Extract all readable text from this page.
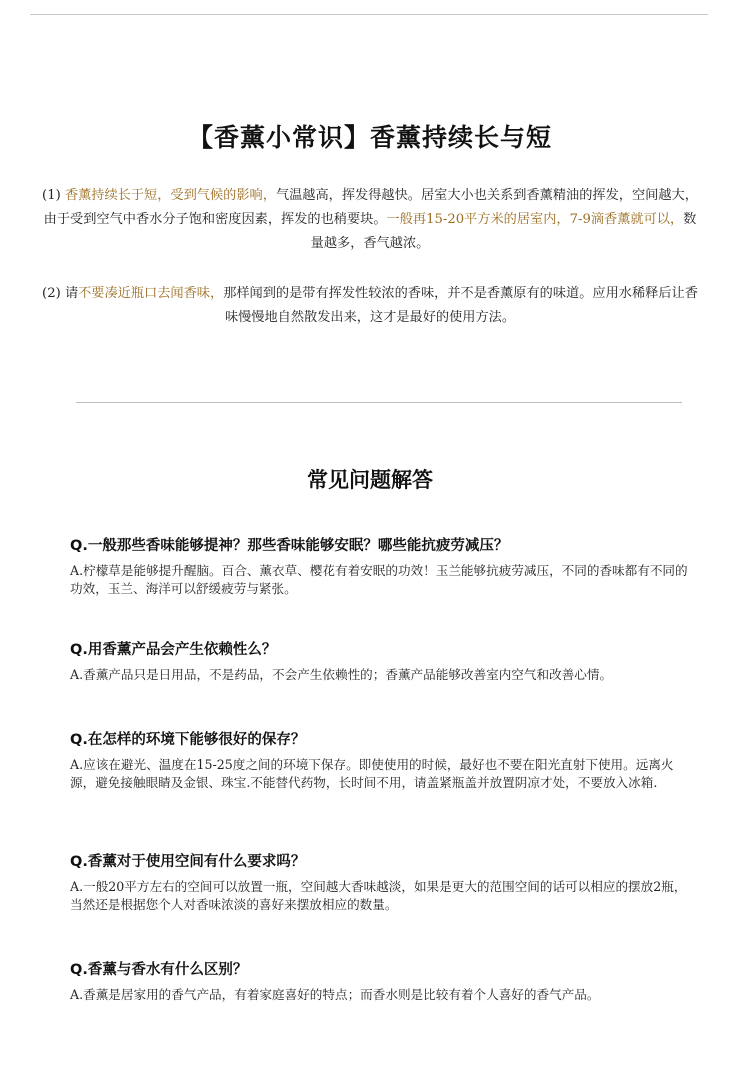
【香薰小常识】香薰持续长与短

(1) 香薰持续长于短，受到气候的影响，气温越高，挥发得越快。居室大小也关系到香薰精油的挥发，空间越大，由于受到空气中香水分子饱和密度因素，挥发的也稍要块。一般再15-20平方米的居室内，7-9滴香薰就可以，数量越多，香气越浓。

(2) 请不要凑近瓶口去闻香味，那样闻到的是带有挥发性较浓的香味，并不是香薰原有的味道。应用水稀释后让香味慢慢地自然散发出来，这才是最好的使用方法。

常见问题解答

Q.一般那些香味能够提神？那些香味能够安眠？哪些能抗疲劳减压？

A.柠檬草是能够提升醒脑。百合、薰衣草、樱花有着安眠的功效！玉兰能够抗疲劳减压，不同的香味都有不同的功效，玉兰、海洋可以舒缓疲劳与紧张。

Q.用香薰产品会产生依赖性么？

A.香薰产品只是日用品，不是药品，不会产生依赖性的；香薰产品能够改善室内空气和改善心情。

Q.在怎样的环境下能够很好的保存？

A.应该在避光、温度在15-25度之间的环境下保存。即使使用的时候，最好也不要在阳光直射下使用。远离火源，避免接触眼睛及金银、珠宝.不能替代药物，长时间不用，请盖紧瓶盖并放置阴凉才处，不要放入冰箱.

Q.香薰对于使用空间有什么要求吗？

A.一般20平方左右的空间可以放置一瓶，空间越大香味越淡，如果是更大的范围空间的话可以相应的摆放2瓶，当然还是根据您个人对香味浓淡的喜好来摆放相应的数量。

Q.香薰与香水有什么区别？

A.香薰是居家用的香气产品，有着家庭喜好的特点；而香水则是比较有着个人喜好的香气产品。
